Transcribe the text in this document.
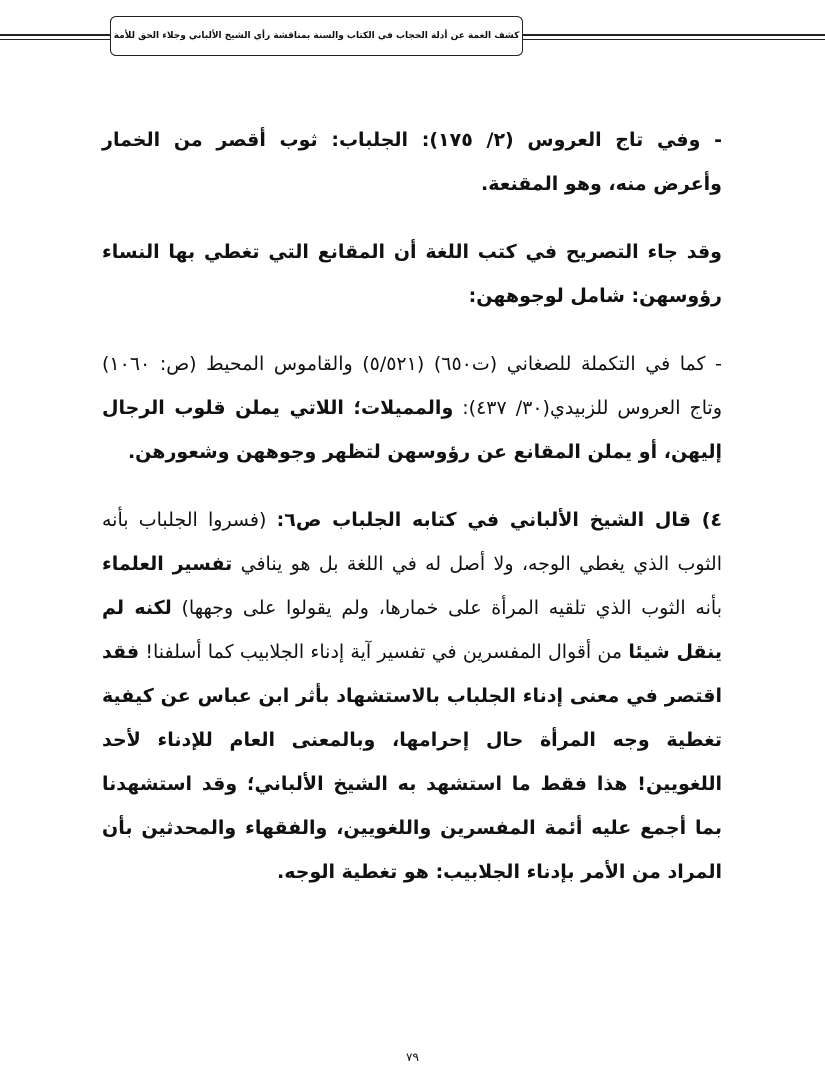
كشف الغمة عن أدلة الحجاب في الكتاب والسنة بمناقشة رأي الشيخ الألباني وجلاء الحق للأمة

- وفي تاج العروس (٢/ ١٧٥): الجلباب: ثوب أقصر من الخمار وأعرض منه، وهو المقنعة.

وقد جاء التصريح في كتب اللغة أن المقانع التي تغطي بها النساء رؤوسهن: شامل لوجوههن:

- كما في التكملة للصغاني (ت٦٥٠) (٥/٥٢١) والقاموس المحيط (ص: ١٠٦٠) وتاج العروس للزبيدي(٣٠/ ٤٣٧): والمميلات؛ اللاتي يملن قلوب الرجال إليهن، أو يملن المقانع عن رؤوسهن لتظهر وجوههن وشعورهن.

٤) قال الشيخ الألباني في كتابه الجلباب ص٦: (فسروا الجلباب بأنه الثوب الذي يغطي الوجه، ولا أصل له في اللغة بل هو ينافي تفسير العلماء بأنه الثوب الذي تلقيه المرأة على خمارها، ولم يقولوا على وجهها) لكنه لم ينقل شيئا من أقوال المفسرين في تفسير آية إدناء الجلابيب كما أسلفنا! فقد اقتصر في معنى إدناء الجلباب بالاستشهاد بأثر ابن عباس عن كيفية تغطية وجه المرأة حال إحرامها، وبالمعنى العام للإدناء لأحد اللغويين! هذا فقط ما استشهد به الشيخ الألباني؛ وقد استشهدنا بما أجمع عليه أئمة المفسرين واللغويين، والفقهاء والمحدثين بأن المراد من الأمر بإدناء الجلابيب: هو تغطية الوجه.

٧٩
